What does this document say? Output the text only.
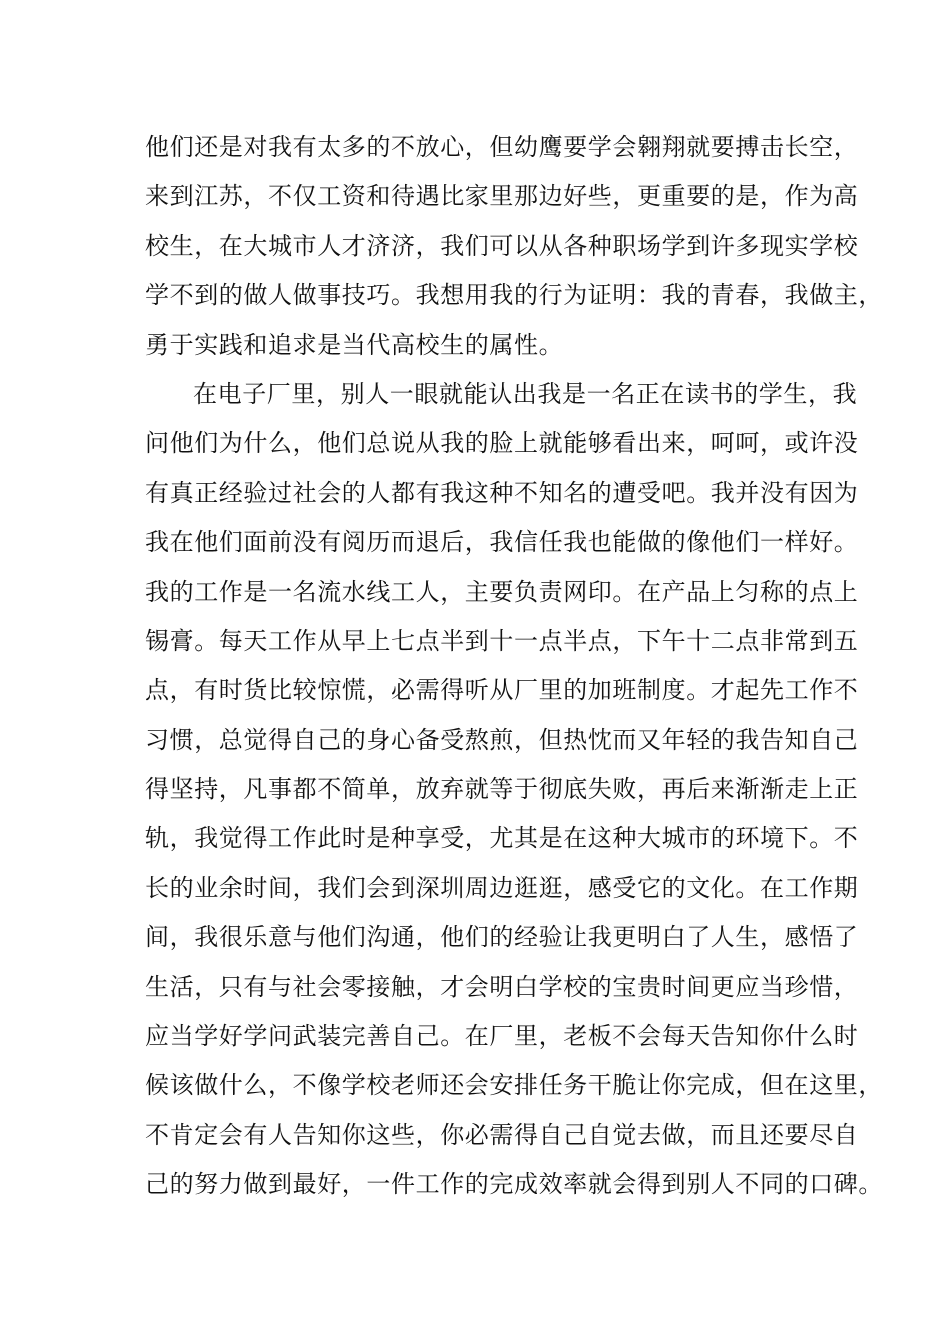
他们还是对我有太多的不放心，但幼鹰要学会翱翔就要搏击长空，
来到江苏，不仅工资和待遇比家里那边好些，更重要的是，作为高
校生，在大城市人才济济，我们可以从各种职场学到许多现实学校
学不到的做人做事技巧。我想用我的行为证明：我的青春，我做主，
勇于实践和追求是当代高校生的属性。
在电子厂里，别人一眼就能认出我是一名正在读书的学生，我
问他们为什么，他们总说从我的脸上就能够看出来，呵呵，或许没
有真正经验过社会的人都有我这种不知名的遭受吧。我并没有因为
我在他们面前没有阅历而退后，我信任我也能做的像他们一样好。
我的工作是一名流水线工人，主要负责网印。在产品上匀称的点上
锡膏。每天工作从早上七点半到十一点半点，下午十二点非常到五
点，有时货比较惊慌，必需得听从厂里的加班制度。才起先工作不
习惯，总觉得自己的身心备受熬煎，但热忱而又年轻的我告知自己
得坚持，凡事都不简单，放弃就等于彻底失败，再后来渐渐走上正
轨，我觉得工作此时是种享受，尤其是在这种大城市的环境下。不
长的业余时间，我们会到深圳周边逛逛，感受它的文化。在工作期
间，我很乐意与他们沟通，他们的经验让我更明白了人生，感悟了
生活，只有与社会零接触，才会明白学校的宝贵时间更应当珍惜，
应当学好学问武装完善自己。在厂里，老板不会每天告知你什么时
候该做什么，不像学校老师还会安排任务干脆让你完成，但在这里，
不肯定会有人告知你这些，你必需得自己自觉去做，而且还要尽自
己的努力做到最好，一件工作的完成效率就会得到别人不同的口碑。
